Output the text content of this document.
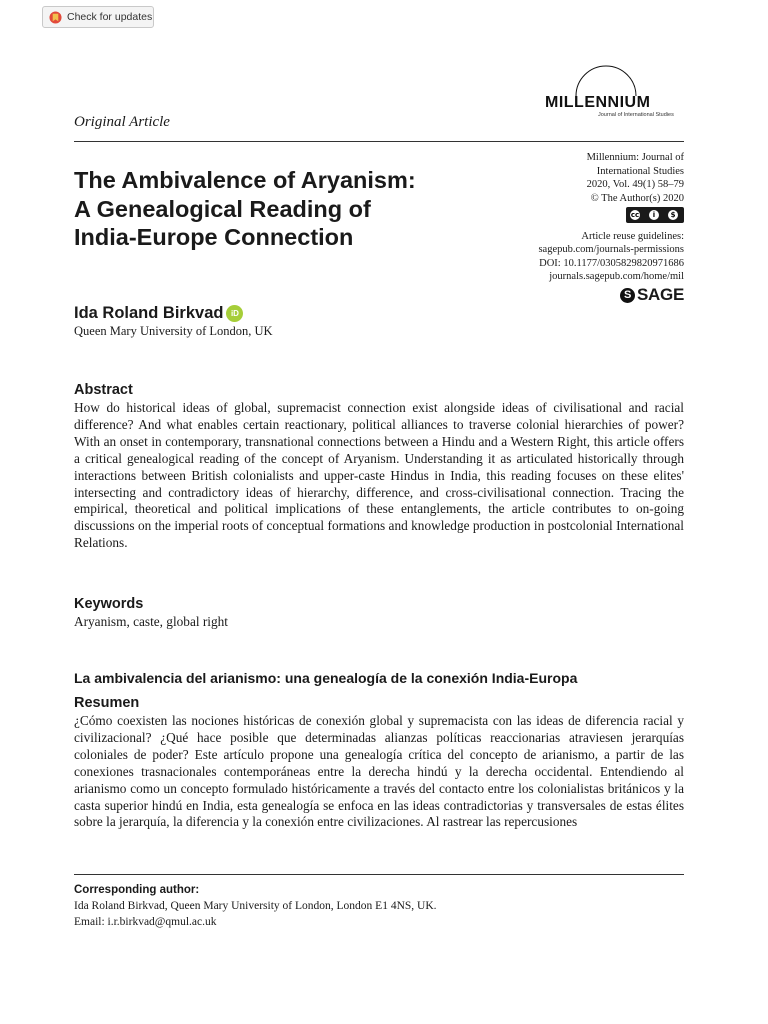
Check for updates
Original Article
MILLENNIUM
Journal of International Studies
The Ambivalence of Aryanism:
A Genealogical Reading of
India-Europe Connection
Millennium: Journal of
International Studies
2020, Vol. 49(1) 58–79
© The Author(s) 2020
cc	i	$
Article reuse guidelines:
sagepub.com/journals-permissions
DOI: 10.1177/0305829820971686
journals.sagepub.com/home/mil
S SAGE
Ida Roland Birkvad iD
Queen Mary University of London, UK
Abstract
How do historical ideas of global, supremacist connection exist alongside ideas of civilisational and racial difference? And what enables certain reactionary, political alliances to traverse colonial hierarchies of power? With an onset in contemporary, transnational connections between a Hindu and a Western Right, this article offers a critical genealogical reading of the concept of Aryanism. Understanding it as articulated historically through interactions between British colonialists and upper-caste Hindus in India, this reading focuses on these elites' intersecting and contradictory ideas of hierarchy, difference, and cross-civilisational connection. Tracing the empirical, theoretical and political implications of these entanglements, the article contributes to on-going discussions on the imperial roots of conceptual formations and knowledge production in postcolonial International Relations.
Keywords
Aryanism, caste, global right
La ambivalencia del arianismo: una genealogía de la conexión India-Europa
Resumen
¿Cómo coexisten las nociones históricas de conexión global y supremacista con las ideas de diferencia racial y civilizacional? ¿Qué hace posible que determinadas alianzas políticas reaccionarias atraviesen jerarquías coloniales de poder? Este artículo propone una genealogía crítica del concepto de arianismo, a partir de las conexiones trasnacionales contemporáneas entre la derecha hindú y la derecha occidental. Entendiendo al arianismo como un concepto formulado históricamente a través del contacto entre los colonialistas británicos y la casta superior hindú en India, esta genealogía se enfoca en las ideas contradictorias y transversales de estas élites sobre la jerarquía, la diferencia y la conexión entre civilizaciones. Al rastrear las repercusiones
Corresponding author:
Ida Roland Birkvad, Queen Mary University of London, London E1 4NS, UK.
Email: i.r.birkvad@qmul.ac.uk
